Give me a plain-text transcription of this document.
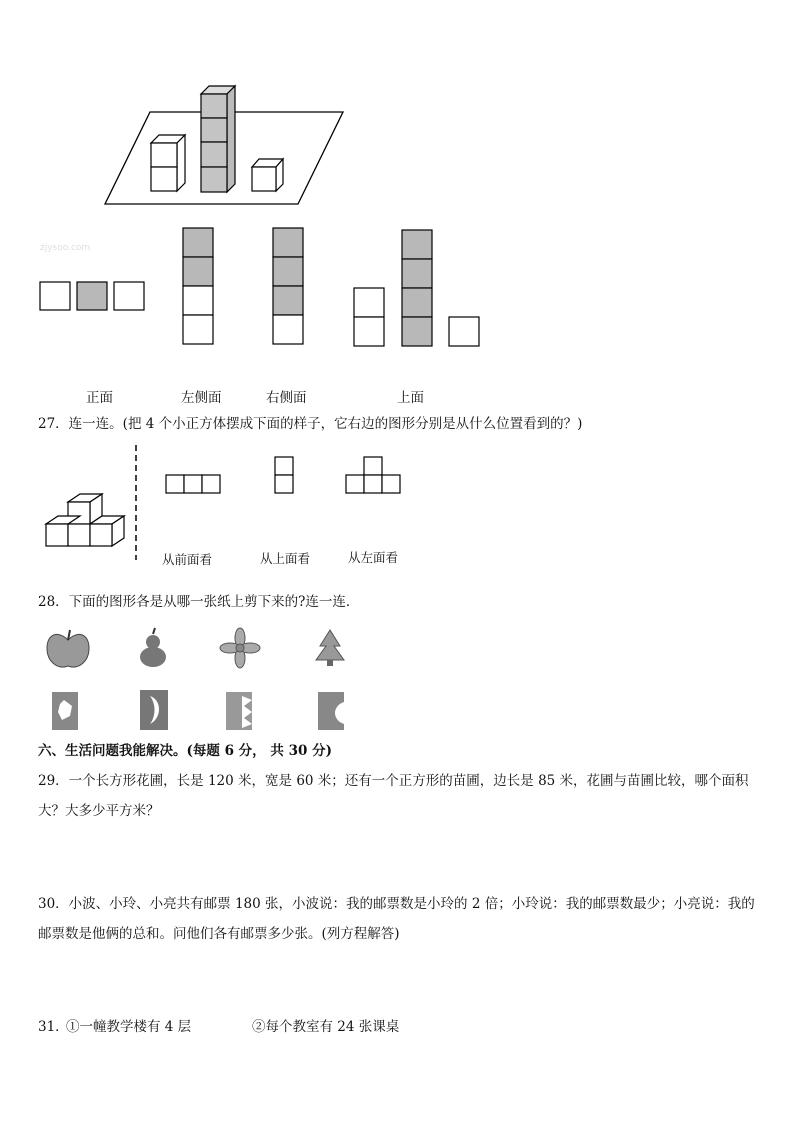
zjysoo.com
正面	左侧面	右侧面	上面
27．连一连。(把 4 个小正方体摆成下面的样子，它右边的图形分别是从什么位置看到的？)
从前面看	从上面看	从左面看
28．下面的图形各是从哪一张纸上剪下来的?连一连．
六、生活问题我能解决。(每题 6 分， 共 30 分)
29．一个长方形花圃，长是 120 米，宽是 60 米；还有一个正方形的苗圃，边长是 85 米，花圃与苗圃比较，哪个面积
大？大多少平方米？
30．小波、小玲、小亮共有邮票 180 张，小波说：我的邮票数是小玲的 2 倍；小玲说：我的邮票数最少；小亮说：我的
邮票数是他俩的总和。问他们各有邮票多少张。(列方程解答)
31．
①一幢教学楼有 4 层	②每个教室有 24 张课桌
